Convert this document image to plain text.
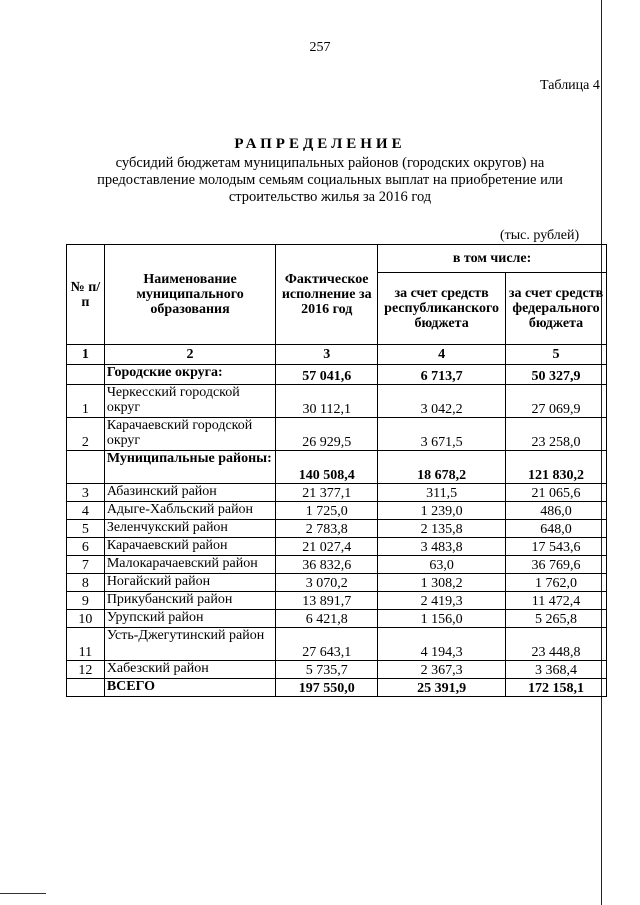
257
Таблица 4
РАПРЕДЕЛЕНИЕ
субсидий бюджетам муниципальных районов (городских округов) на предоставление молодым семьям социальных выплат на приобретение или строительство жилья за 2016 год
(тыс. рублей)
№ п/п	Наименование муниципального образования	Фактическое исполнение за 2016 год	в том числе:	
			за счет средств республиканского бюджета	за счет средств федерального бюджета
1	2	3	4	5
	Городские округа:	57 041,6	6 713,7	50 327,9
1	Черкесский городской округ	30 112,1	3 042,2	27 069,9
2	Карачаевский городской округ	26 929,5	3 671,5	23 258,0
	Муниципальные районы:	140 508,4	18 678,2	121 830,2
3	Абазинский район	21 377,1	311,5	21 065,6
4	Адыге-Хабльский район	1 725,0	1 239,0	486,0
5	Зеленчукский район	2 783,8	2 135,8	648,0
6	Карачаевский район	21 027,4	3 483,8	17 543,6
7	Малокарачаевский район	36 832,6	63,0	36 769,6
8	Ногайский район	3 070,2	1 308,2	1 762,0
9	Прикубанский район	13 891,7	2 419,3	11 472,4
10	Урупский район	6 421,8	1 156,0	5 265,8
11	Усть-Джегутинский район	27 643,1	4 194,3	23 448,8
12	Хабезский район	5 735,7	2 367,3	3 368,4
	ВСЕГО	197 550,0	25 391,9	172 158,1
